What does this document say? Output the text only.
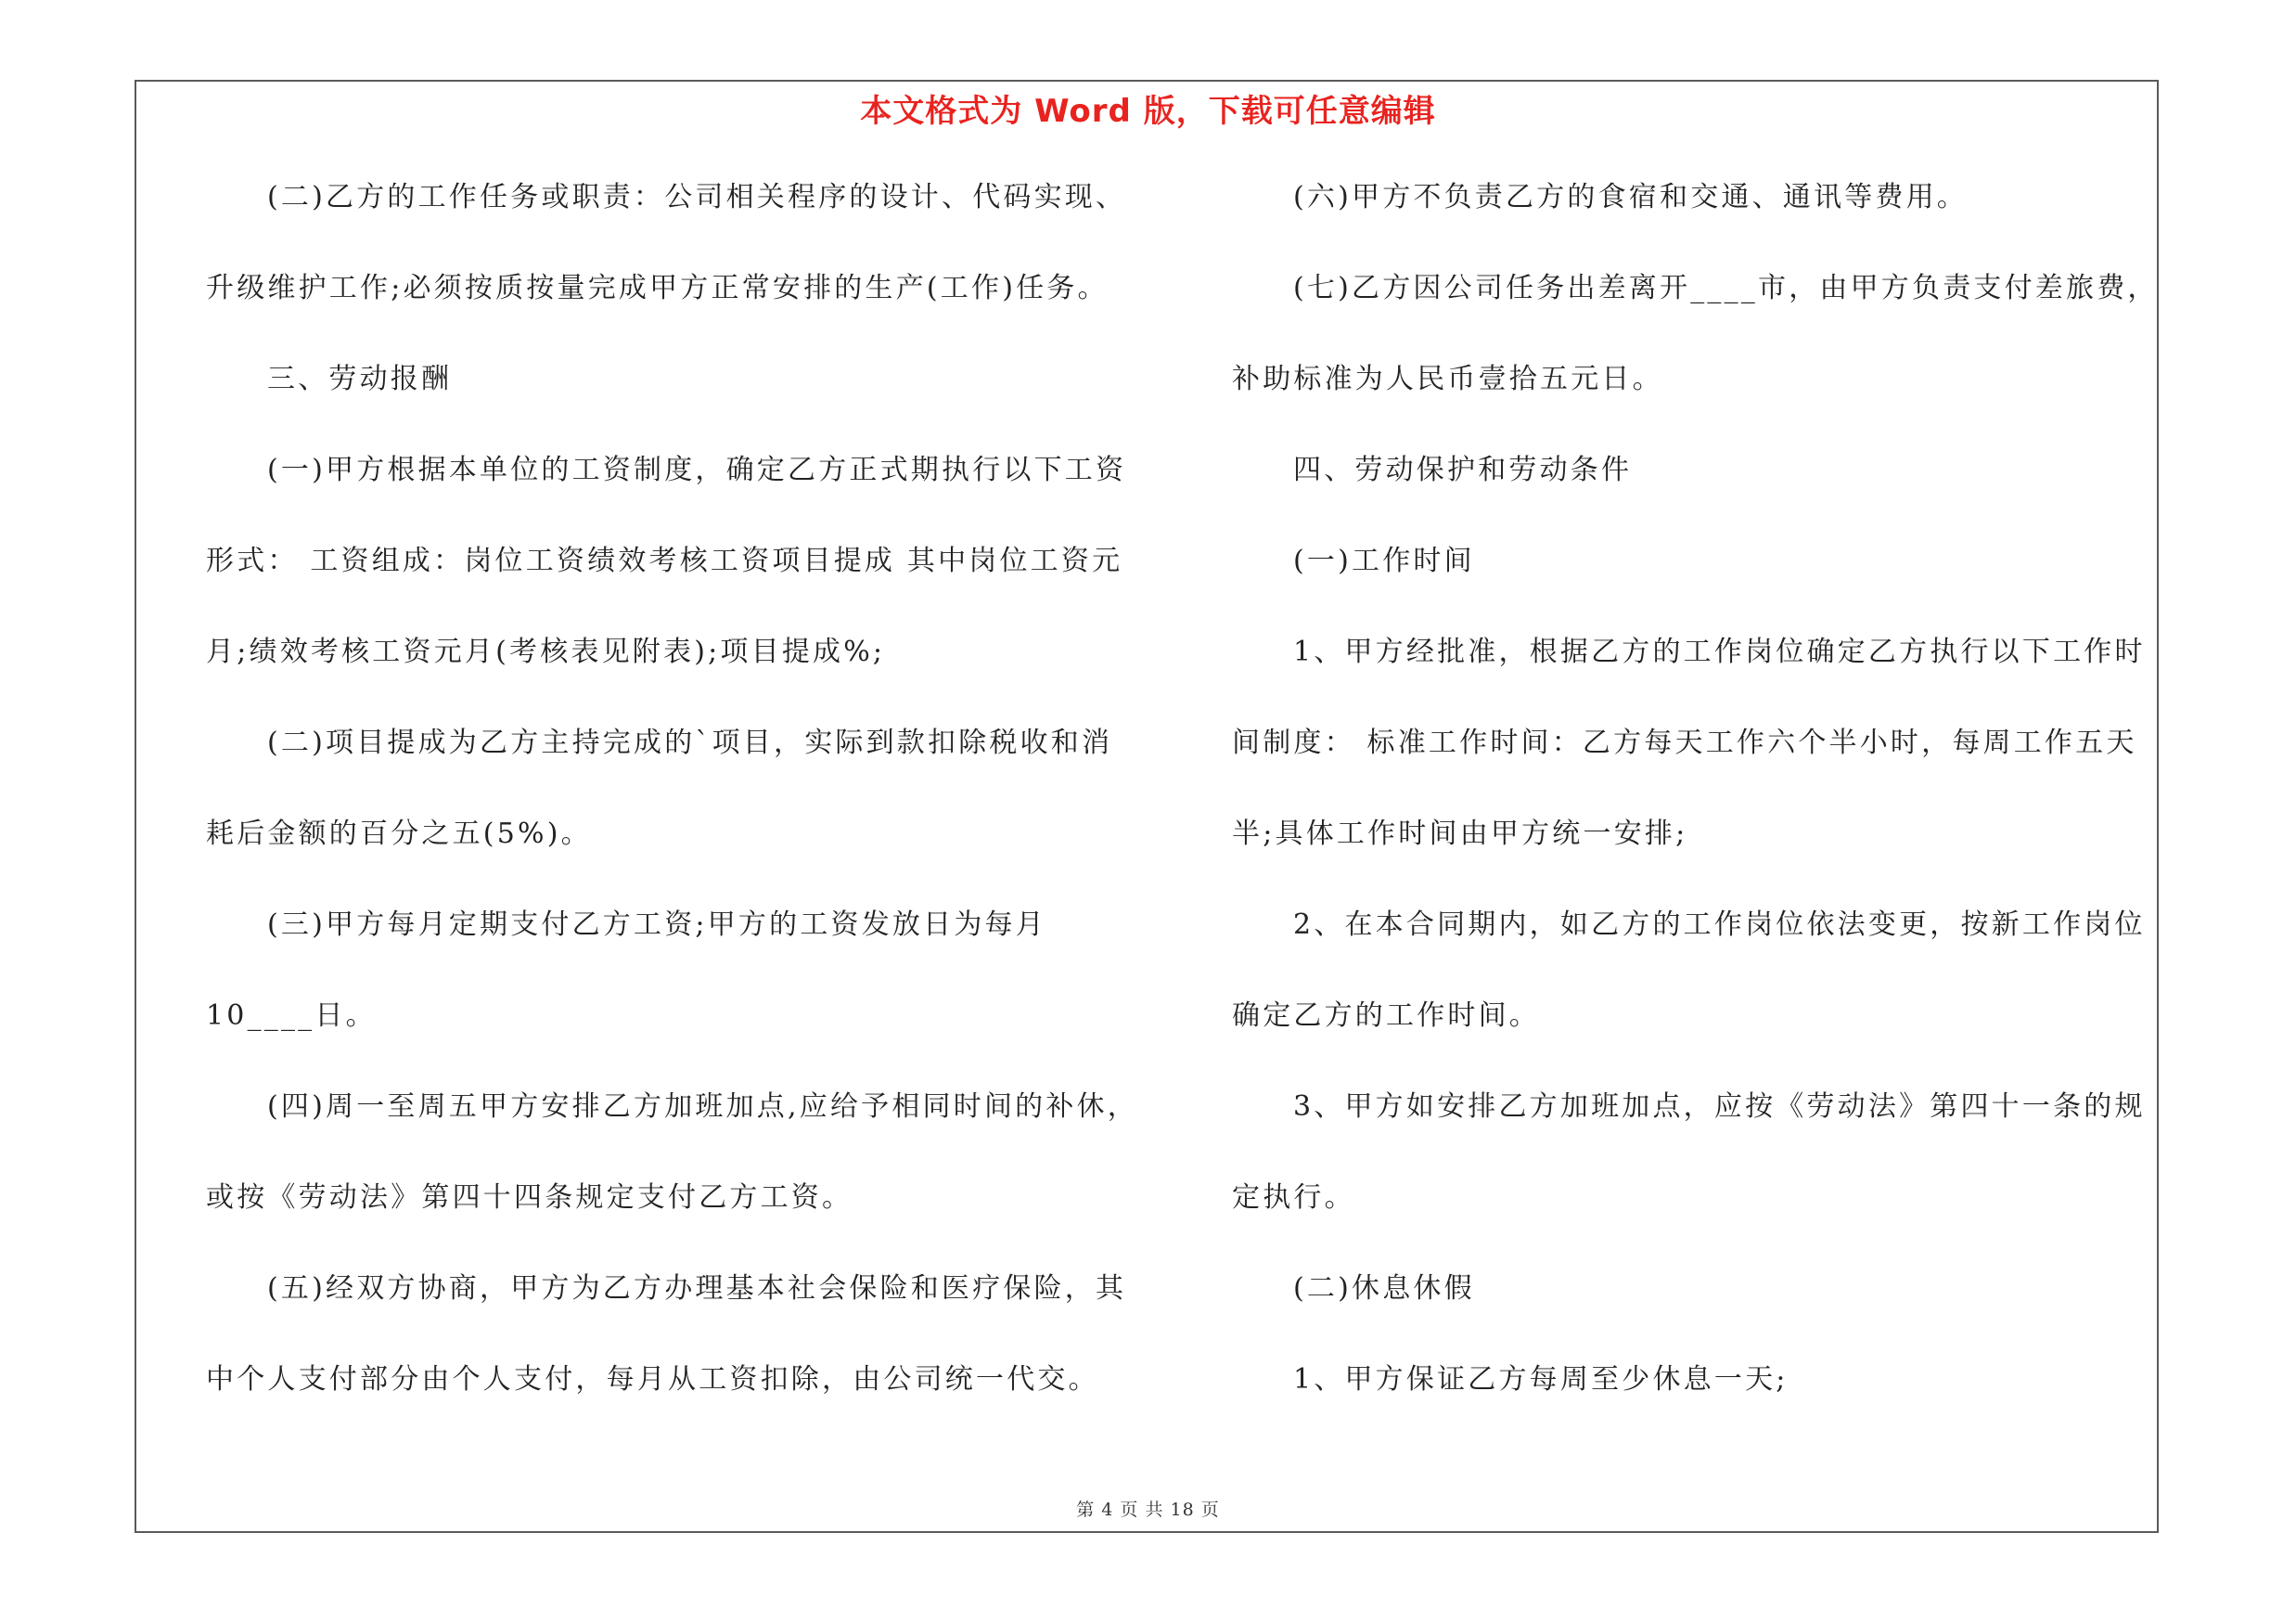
本文格式为 Word 版，下载可任意编辑
(二)乙方的工作任务或职责：公司相关程序的设计、代码实现、
升级维护工作;必须按质按量完成甲方正常安排的生产(工作)任务。
三、劳动报酬
(一)甲方根据本单位的工资制度，确定乙方正式期执行以下工资
形式： 工资组成：岗位工资绩效考核工资项目提成 其中岗位工资元
月;绩效考核工资元月(考核表见附表);项目提成%;
(二)项目提成为乙方主持完成的`项目，实际到款扣除税收和消
耗后金额的百分之五(5%)。
(三)甲方每月定期支付乙方工资;甲方的工资发放日为每月
10____日。
(四)周一至周五甲方安排乙方加班加点,应给予相同时间的补休，
或按《劳动法》第四十四条规定支付乙方工资。
(五)经双方协商，甲方为乙方办理基本社会保险和医疗保险，其
中个人支付部分由个人支付，每月从工资扣除，由公司统一代交。
(六)甲方不负责乙方的食宿和交通、通讯等费用。
(七)乙方因公司任务出差离开____市，由甲方负责支付差旅费，
补助标准为人民币壹拾五元日。
四、劳动保护和劳动条件
(一)工作时间
1、甲方经批准，根据乙方的工作岗位确定乙方执行以下工作时
间制度： 标准工作时间：乙方每天工作六个半小时，每周工作五天
半;具体工作时间由甲方统一安排;
2、在本合同期内，如乙方的工作岗位依法变更，按新工作岗位
确定乙方的工作时间。
3、甲方如安排乙方加班加点，应按《劳动法》第四十一条的规
定执行。
(二)休息休假
1、甲方保证乙方每周至少休息一天;
第 4 页 共 18 页
